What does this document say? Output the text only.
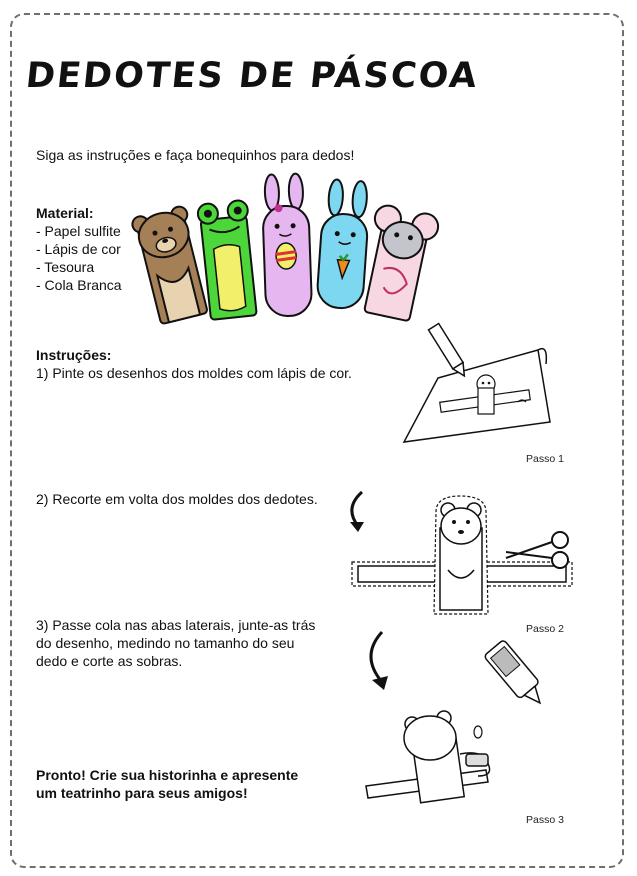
DEDOTES DE PÁSCOA

Siga as instruções e faça bonequinhos para dedos!

Material:
- Papel sulfite
- Lápis de cor
- Tesoura
- Cola Branca
Instruções:

1) Pinte os desenhos dos moldes com lápis de cor.

Passo 1

2) Recorte em volta dos moldes dos dedotes.

Passo 2
3) Passe cola nas abas laterais, junte-as trás
do desenho, medindo no tamanho do seu
dedo e corte as sobras.
Pronto! Crie sua historinha e apresente
um teatrinho para seus amigos!
Passo 3
